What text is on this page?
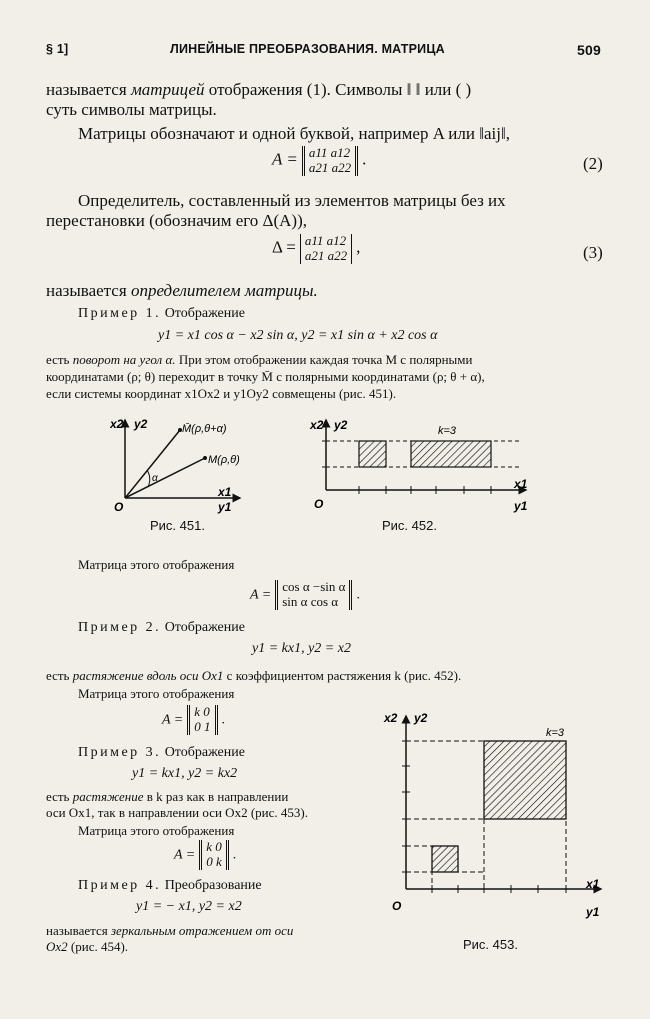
§ 1]	ЛИНЕЙНЫЕ ПРЕОБРАЗОВАНИЯ. МАТРИЦА	509
называется матрицей отображения (1). Символы ‖ ‖ или ( )
суть символы матрицы.
Матрицы обозначают и одной буквой, например A или ‖aij‖,
A = a11 a12
a21 a22 .	(2)
Определитель, составленный из элементов матрицы без их
перестановки (обозначим его Δ(A)),
Δ = a11 a12
a21 a22 ,	(3)
называется определителем матрицы.
Пример 1. Отображение
y1 = x1 cos α − x2 sin α, y2 = x1 sin α + x2 cos α
есть поворот на угол α. При этом отображении каждая точка M с полярными
координатами (ρ; θ) переходит в точку M̄ с полярными координатами (ρ; θ + α),
если системы координат x1Ox2 и y1Oy2 совмещены (рис. 451).
x2 y2	M̄(ρ,θ+α)
M(ρ,θ)
α
x1
y1
O
Рис. 451.
x2 y2	k=3
x1
y1
O
Рис. 452.
Матрица этого отображения
A =
cos α −sin α
sin α cos α	.
Пример 2. Отображение
y1 = kx1, y2 = x2
есть растяжение вдоль оси Ox1 с коэффициентом растяжения k (рис. 452).
Матрица этого отображения
A =
k 0
0 1 .
Пример 3. Отображение
y1 = kx1, y2 = kx2
есть растяжение в k раз как в направлении
оси Ox1, так в направлении оси Ox2 (рис. 453).
Матрица этого отображения
A =
k 0
0 k .
Пример 4. Преобразование
y1 = − x1, y2 = x2
называется зеркальным отражением от оси
Ox2 (рис. 454).
x2 y2
k=3
x1
y1
O
Рис. 453.
